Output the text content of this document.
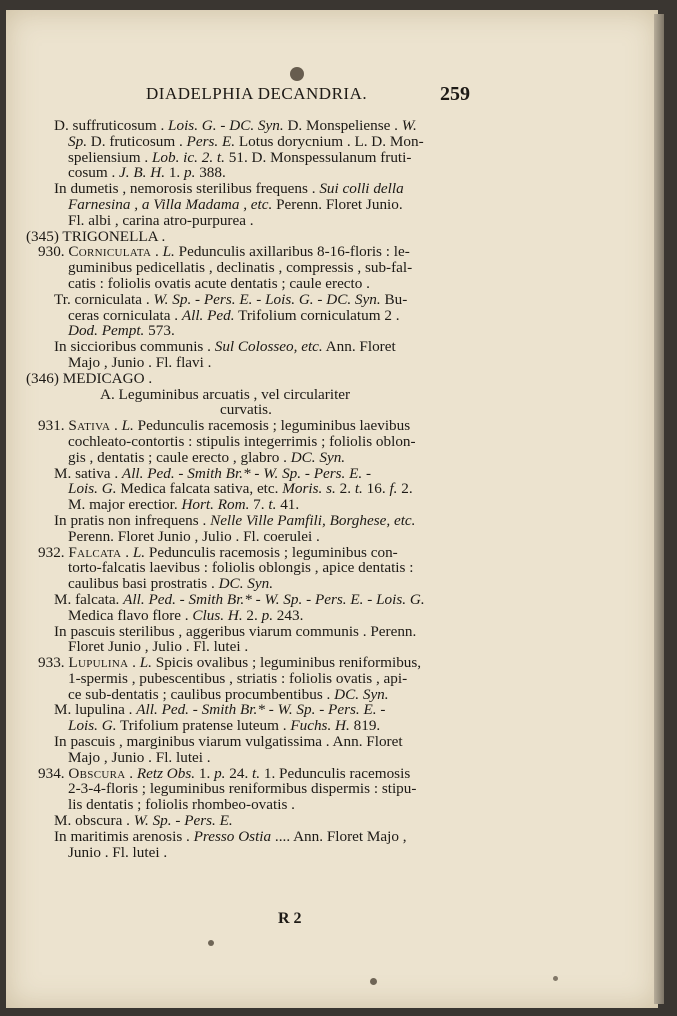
DIADELPHIA DECANDRIA.	259
D. suffruticosum . Lois. G. - DC. Syn. D. Monspeliense . W.
Sp. D. fruticosum . Pers. E. Lotus dorycnium . L. D. Mon-
speliensium . Lob. ic. 2. t. 51. D. Monspessulanum fruti-
cosum . J. B. H. 1. p. 388.
In dumetis , nemorosis sterilibus frequens . Sui colli della
Farnesina , a Villa Madama , etc. Perenn. Floret Junio.
Fl. albi , carina atro-purpurea .
(345) TRIGONELLA .
930. Corniculata . L. Pedunculis axillaribus 8-16-floris : le-
guminibus pedicellatis , declinatis , compressis , sub-fal-
catis : foliolis ovatis acute dentatis ; caule erecto .
Tr. corniculata . W. Sp. - Pers. E. - Lois. G. - DC. Syn. Bu-
ceras corniculata . All. Ped. Trifolium corniculatum 2 .
Dod. Pempt. 573.
In siccioribus communis . Sul Colosseo, etc. Ann. Floret
Majo , Junio . Fl. flavi .
(346) MEDICAGO .
A. Leguminibus arcuatis , vel circulariter
curvatis.
931. Sativa . L. Pedunculis racemosis ; leguminibus laevibus
cochleato-contortis : stipulis integerrimis ; foliolis oblon-
gis , dentatis ; caule erecto , glabro . DC. Syn.
M. sativa . All. Ped. - Smith Br.* - W. Sp. - Pers. E. -
Lois. G. Medica falcata sativa, etc. Moris. s. 2. t. 16. f. 2.
M. major erectior. Hort. Rom. 7. t. 41.
In pratis non infrequens . Nelle Ville Pamfili, Borghese, etc.
Perenn. Floret Junio , Julio . Fl. coerulei .
932. Falcata . L. Pedunculis racemosis ; leguminibus con-
torto-falcatis laevibus : foliolis oblongis , apice dentatis :
caulibus basi prostratis . DC. Syn.
M. falcata. All. Ped. - Smith Br.* - W. Sp. - Pers. E. - Lois. G.
Medica flavo flore . Clus. H. 2. p. 243.
In pascuis sterilibus , aggeribus viarum communis . Perenn.
Floret Junio , Julio . Fl. lutei .
933. Lupulina . L. Spicis ovalibus ; leguminibus reniformibus,
1-spermis , pubescentibus , striatis : foliolis ovatis , api-
ce sub-dentatis ; caulibus procumbentibus . DC. Syn.
M. lupulina . All. Ped. - Smith Br.* - W. Sp. - Pers. E. -
Lois. G. Trifolium pratense luteum . Fuchs. H. 819.
In pascuis , marginibus viarum vulgatissima . Ann. Floret
Majo , Junio . Fl. lutei .
934. Obscura . Retz Obs. 1. p. 24. t. 1. Pedunculis racemosis
2-3-4-floris ; leguminibus reniformibus dispermis : stipu-
lis dentatis ; foliolis rhombeo-ovatis .
M. obscura . W. Sp. - Pers. E.
In maritimis arenosis . Presso Ostia .... Ann. Floret Majo ,
Junio . Fl. lutei .
R 2
